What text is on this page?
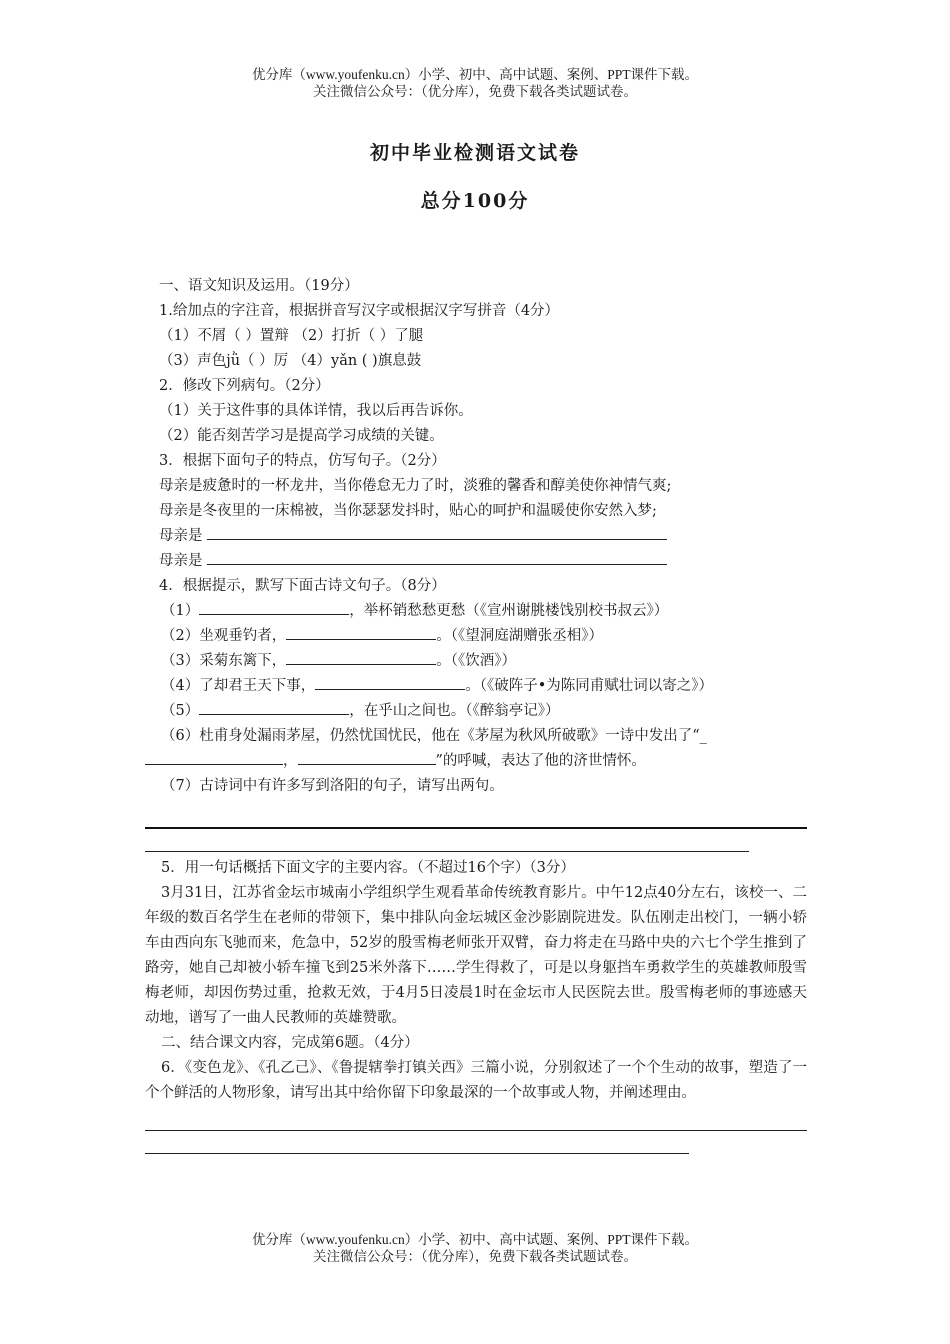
优分库（www.youfenku.cn）小学、初中、高中试题、案例、PPT课件下载。
关注微信公众号：（优分库），免费下载各类试题试卷。
初中毕业检测语文试卷
总分100分
一、语文知识及运用。（19分）
1.给加点的字注音，根据拼音写汉字或根据汉字写拼音（4分）
（1）不屑（ ）置辩 （2）打折（ ）了腿
（3）声色jǜ（ ）厉 （4）yǎn ( )旗息鼓
2．修改下列病句。（2分）
（1）关于这件事的具体详情，我以后再告诉你。
（2）能否刻苦学习是提高学习成绩的关键。
3．根据下面句子的特点，仿写句子。（2分）
母亲是疲惫时的一杯龙井，当你倦怠无力了时，淡雅的馨香和醇美使你神情气爽;
母亲是冬夜里的一床棉被，当你瑟瑟发抖时，贴心的呵护和温暖使你安然入梦;
母亲是
母亲是
4．根据提示，默写下面古诗文句子。（8分）
（1）	，举杯销愁愁更愁（《宣州谢朓楼饯别校书叔云》）
（2）坐观垂钓者，	。（《望洞庭湖赠张丞相》）
（3）采菊东篱下，	。（《饮酒》）
（4）了却君王天下事，	。（《破阵子•为陈同甫赋壮词以寄之》）
（5）	，在乎山之间也。（《醉翁亭记》）
（6）杜甫身处漏雨茅屋，仍然忧国忧民，他在《茅屋为秋风所破歌》一诗中发出了“_
，	”的呼喊，表达了他的济世情怀。
（7）古诗词中有许多写到洛阳的句子，请写出两句。
5．用一句话概括下面文字的主要内容。（不超过16个字）（3分）
3月31日，江苏省金坛市城南小学组织学生观看革命传统教育影片。中午12点40分左右，该校一、二年级的数百名学生在老师的带领下，集中排队向金坛城区金沙影剧院进发。队伍刚走出校门，一辆小轿车由西向东飞驰而来，危急中，52岁的殷雪梅老师张开双臂，奋力将走在马路中央的六七个学生推到了路旁，她自己却被小轿车撞飞到25米外落下……学生得救了，可是以身躯挡车勇救学生的英雄教师殷雪梅老师，却因伤势过重，抢救无效，于4月5日凌晨1时在金坛市人民医院去世。殷雪梅老师的事迹感天动地，谱写了一曲人民教师的英雄赞歌。
二、结合课文内容，完成第6题。（4分）
6．《变色龙》、《孔乙己》、《鲁提辖拳打镇关西》三篇小说，分别叙述了一个个生动的故事，塑造了一个个鲜活的人物形象，请写出其中给你留下印象最深的一个故事或人物，并阐述理由。
优分库（www.youfenku.cn）小学、初中、高中试题、案例、PPT课件下载。
关注微信公众号：（优分库），免费下载各类试题试卷。
